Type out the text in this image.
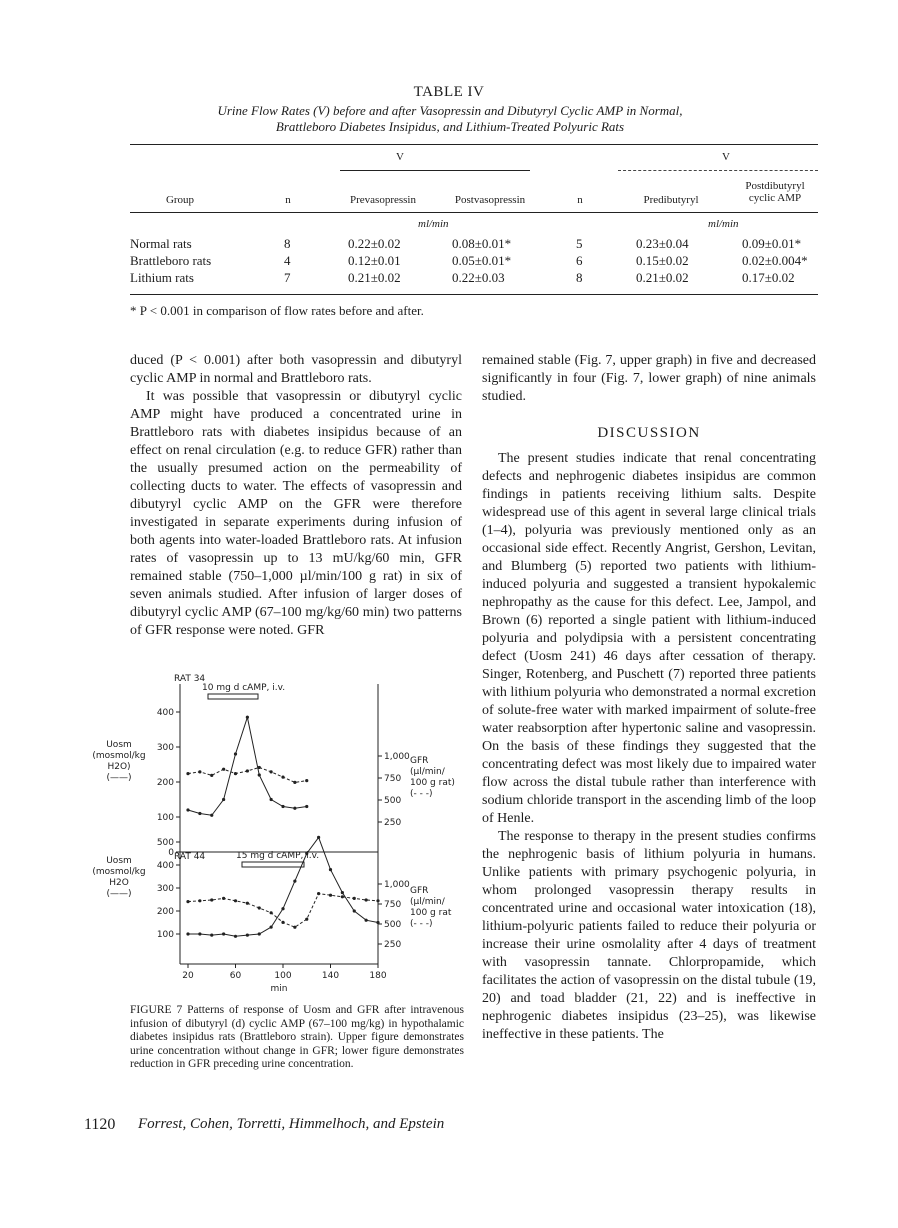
TABLE IV
Urine Flow Rates (V) before and after Vasopressin and Dibutyryl Cyclic AMP in Normal,
Brattleboro Diabetes Insipidus, and Lithium-Treated Polyuric Rats
V	V
Group	n	Prevasopressin	Postvasopressin	n	Predibutyryl
Postdibutyryl
cyclic AMP
ml/min	ml/min
Normal rats	8	0.22±0.02	0.08±0.01*	5	0.23±0.04	0.09±0.01*
Brattleboro rats	4	0.12±0.01	0.05±0.01*	6	0.15±0.02	0.02±0.004*
Lithium rats	7	0.21±0.02	0.22±0.03	8	0.21±0.02	0.17±0.02
* P < 0.001 in comparison of flow rates before and after.

duced (P < 0.001) after both vasopressin and dibutyryl cyclic AMP in normal and Brattleboro rats.

It was possible that vasopressin or dibutyryl cyclic AMP might have produced a concentrated urine in Brattleboro rats with diabetes insipidus because of an effect on renal circulation (e.g. to reduce GFR) rather than the usually presumed action on the permeability of collecting ducts to water. The effects of vasopressin and dibutyryl cyclic AMP on the GFR were therefore investigated in separate experiments during infusion of both agents into water-loaded Brattleboro rats. At infusion rates of vasopressin up to 13 mU/kg/60 min, GFR remained stable (750–1,000 µl/min/100 g rat) in six of seven animals studied. After infusion of larger doses of dibutyryl cyclic AMP (67–100 mg/kg/60 min) two patterns of GFR response were noted. GFR

remained stable (Fig. 7, upper graph) in five and decreased significantly in four (Fig. 7, lower graph) of nine animals studied.

DISCUSSION

The present studies indicate that renal concentrating defects and nephrogenic diabetes insipidus are common findings in patients receiving lithium salts. Despite widespread use of this agent in several large clinical trials (1–4), polyuria was previously mentioned only as an occasional side effect. Recently Angrist, Gershon, Levitan, and Blumberg (5) reported two patients with lithium-induced polyuria and suggested a transient hypokalemic nephropathy as the cause for this defect. Lee, Jampol, and Brown (6) reported a single patient with lithium-induced polyuria and polydipsia with a persistent concentrating defect (Uosm 241) 46 days after cessation of therapy. Singer, Rotenberg, and Puschett (7) reported three patients with lithium polyuria who demonstrated a normal excretion of solute-free water with marked impairment of solute-free water reabsorption after hypertonic saline and vasopressin. On the basis of these findings they suggested that the concentrating defect was most likely due to impaired water flow across the distal tubule rather than interference with sodium chloride transport in the ascending limb of the loop of Henle.

The response to therapy in the present studies confirms the nephrogenic basis of lithium polyuria in humans. Unlike patients with primary psychogenic polyuria, in whom prolonged vasopressin therapy results in concentrated urine and occasional water intoxication (18), lithium-polyuric patients failed to reduce their polyuria or increase their urine osmolality after 4 days of treatment with vasopressin tannate. Chlorpropamide, which facilitates the action of vasopressin on the distal tubule (19, 20) and toad bladder (21, 22) and is ineffective in nephrogenic diabetes insipidus (23–25), was likewise ineffective in these patients. The

400
300
200
100
0
500
400
300
200
100
1,000
1,000
750
750
500
500
250
250
20	60	100	140	180
RAT 34
10 mg d cAMP, i.v.
RAT 44	15 mg d cAMP, i.v.
Uosm
(mosmol/kg
H2O)
(——)
Uosm
(mosmol/kg
H2O
(——)
GFR
(µl/min/
100 g rat)
(- - -)
GFR
(µl/min/
100 g rat
(- - -)
min
FIGURE 7 Patterns of response of Uosm and GFR after intravenous infusion of dibutyryl (d) cyclic AMP (67–100 mg/kg) in hypothalamic diabetes insipidus rats (Brattleboro strain). Upper figure demonstrates urine concentration without change in GFR; lower figure demonstrates reduction in GFR preceding urine concentration.
1120 Forrest, Cohen, Torretti, Himmelhoch, and Epstein
